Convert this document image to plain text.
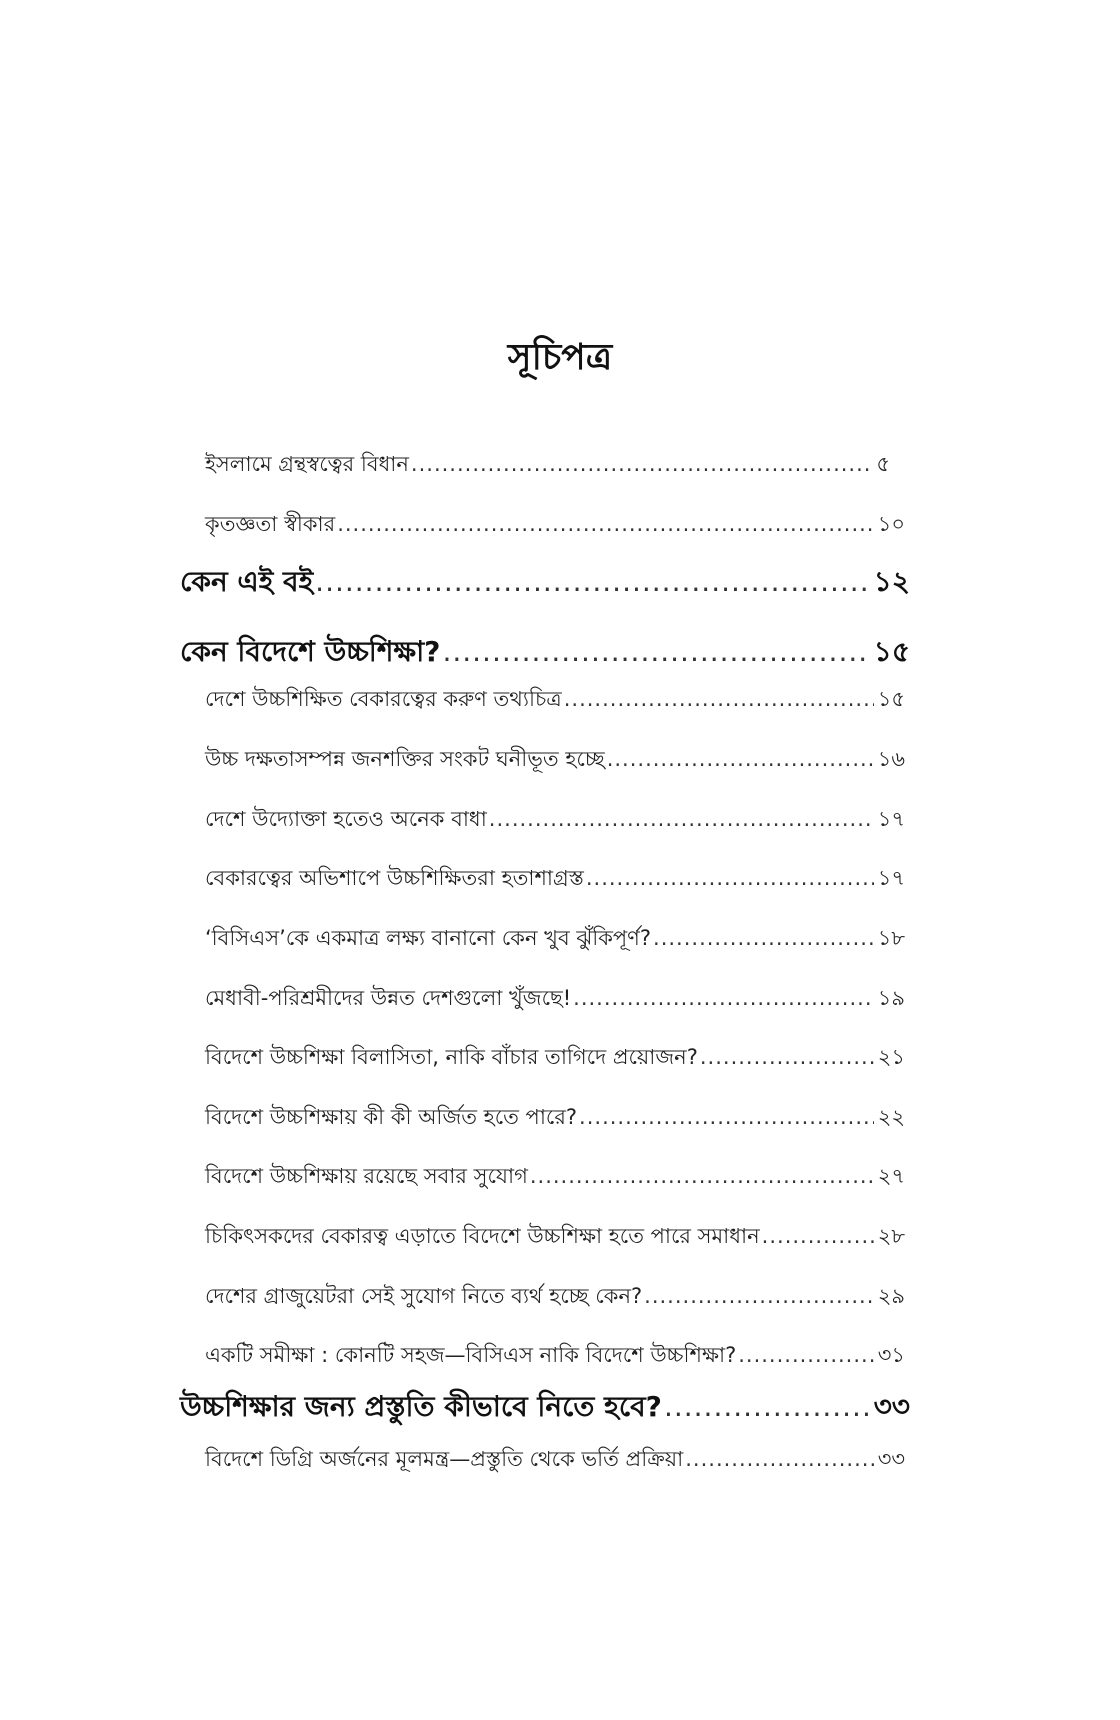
সূচিপত্র
ইসলামে গ্রন্থস্বত্বের বিধান .....	৫
কৃতজ্ঞতা স্বীকার .....	১০
কেন এই বই .....	১২
কেন বিদেশে উচ্চশিক্ষা? .....	১৫
দেশে উচ্চশিক্ষিত বেকারত্বের করুণ তথ্যচিত্র .....	১৫
উচ্চ দক্ষতাসম্পন্ন জনশক্তির সংকট ঘনীভূত হচ্ছে .....	১৬
দেশে উদ্যোক্তা হতেও অনেক বাধা .....	১৭
বেকারত্বের অভিশাপে উচ্চশিক্ষিতরা হতাশাগ্রস্ত .....	১৭
‘বিসিএস’কে একমাত্র লক্ষ্য বানানো কেন খুব ঝুঁকিপূর্ণ? .....	১৮
মেধাবী-পরিশ্রমীদের উন্নত দেশগুলো খুঁজছে! .....	১৯
বিদেশে উচ্চশিক্ষা বিলাসিতা, নাকি বাঁচার তাগিদে প্রয়োজন? .....	২১
বিদেশে উচ্চশিক্ষায় কী কী অর্জিত হতে পারে? .....	২২
বিদেশে উচ্চশিক্ষায় রয়েছে সবার সুযোগ .....	২৭
চিকিৎসকদের বেকারত্ব এড়াতে বিদেশে উচ্চশিক্ষা হতে পারে সমাধান .....	২৮
দেশের গ্রাজুয়েটরা সেই সুযোগ নিতে ব্যর্থ হচ্ছে কেন? .....	২৯
একটি সমীক্ষা : কোনটি সহজ—বিসিএস নাকি বিদেশে উচ্চশিক্ষা? .....	৩১
উচ্চশিক্ষার জন্য প্রস্তুতি কীভাবে নিতে হবে? .....	৩৩
বিদেশে ডিগ্রি অর্জনের মূলমন্ত্র—প্রস্তুতি থেকে ভর্তি প্রক্রিয়া .....	৩৩
